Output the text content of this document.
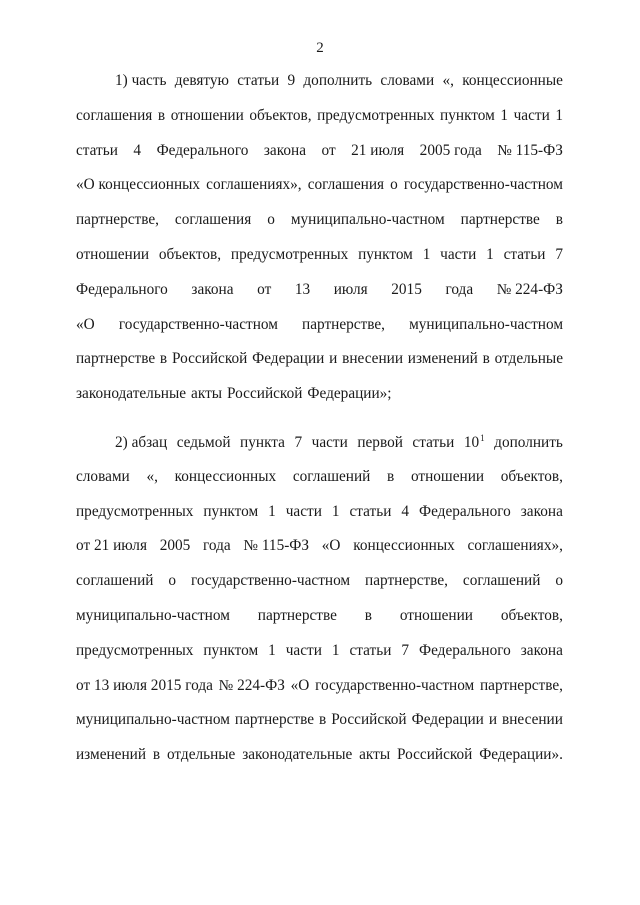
2
1) часть девятую статьи 9 дополнить словами «, концессионные
соглашения в отношении объектов, предусмотренных пунктом 1 части 1
статьи 4 Федерального закона от 21 июля 2005 года № 115-ФЗ
«О концессионных соглашениях», соглашения о государственно-частном
партнерстве, соглашения о муниципально-частном партнерстве в
отношении объектов, предусмотренных пунктом 1 части 1 статьи 7
Федерального закона от 13 июля 2015 года № 224-ФЗ
«О государственно-частном партнерстве, муниципально-частном
партнерстве в Российской Федерации и внесении изменений в отдельные
законодательные акты Российской Федерации»;
2) абзац седьмой пункта 7 части первой статьи $10^1$ дополнить
словами «, концессионных соглашений в отношении объектов,
предусмотренных пунктом 1 части 1 статьи 4 Федерального закона
от 21 июля 2005 года № 115-ФЗ «О концессионных соглашениях»,
соглашений о государственно-частном партнерстве, соглашений о
муниципально-частном партнерстве в отношении объектов,
предусмотренных пунктом 1 части 1 статьи 7 Федерального закона
от 13 июля 2015 года № 224-ФЗ «О государственно-частном партнерстве,
муниципально-частном партнерстве в Российской Федерации и внесении
изменений в отдельные законодательные акты Российской Федерации».
